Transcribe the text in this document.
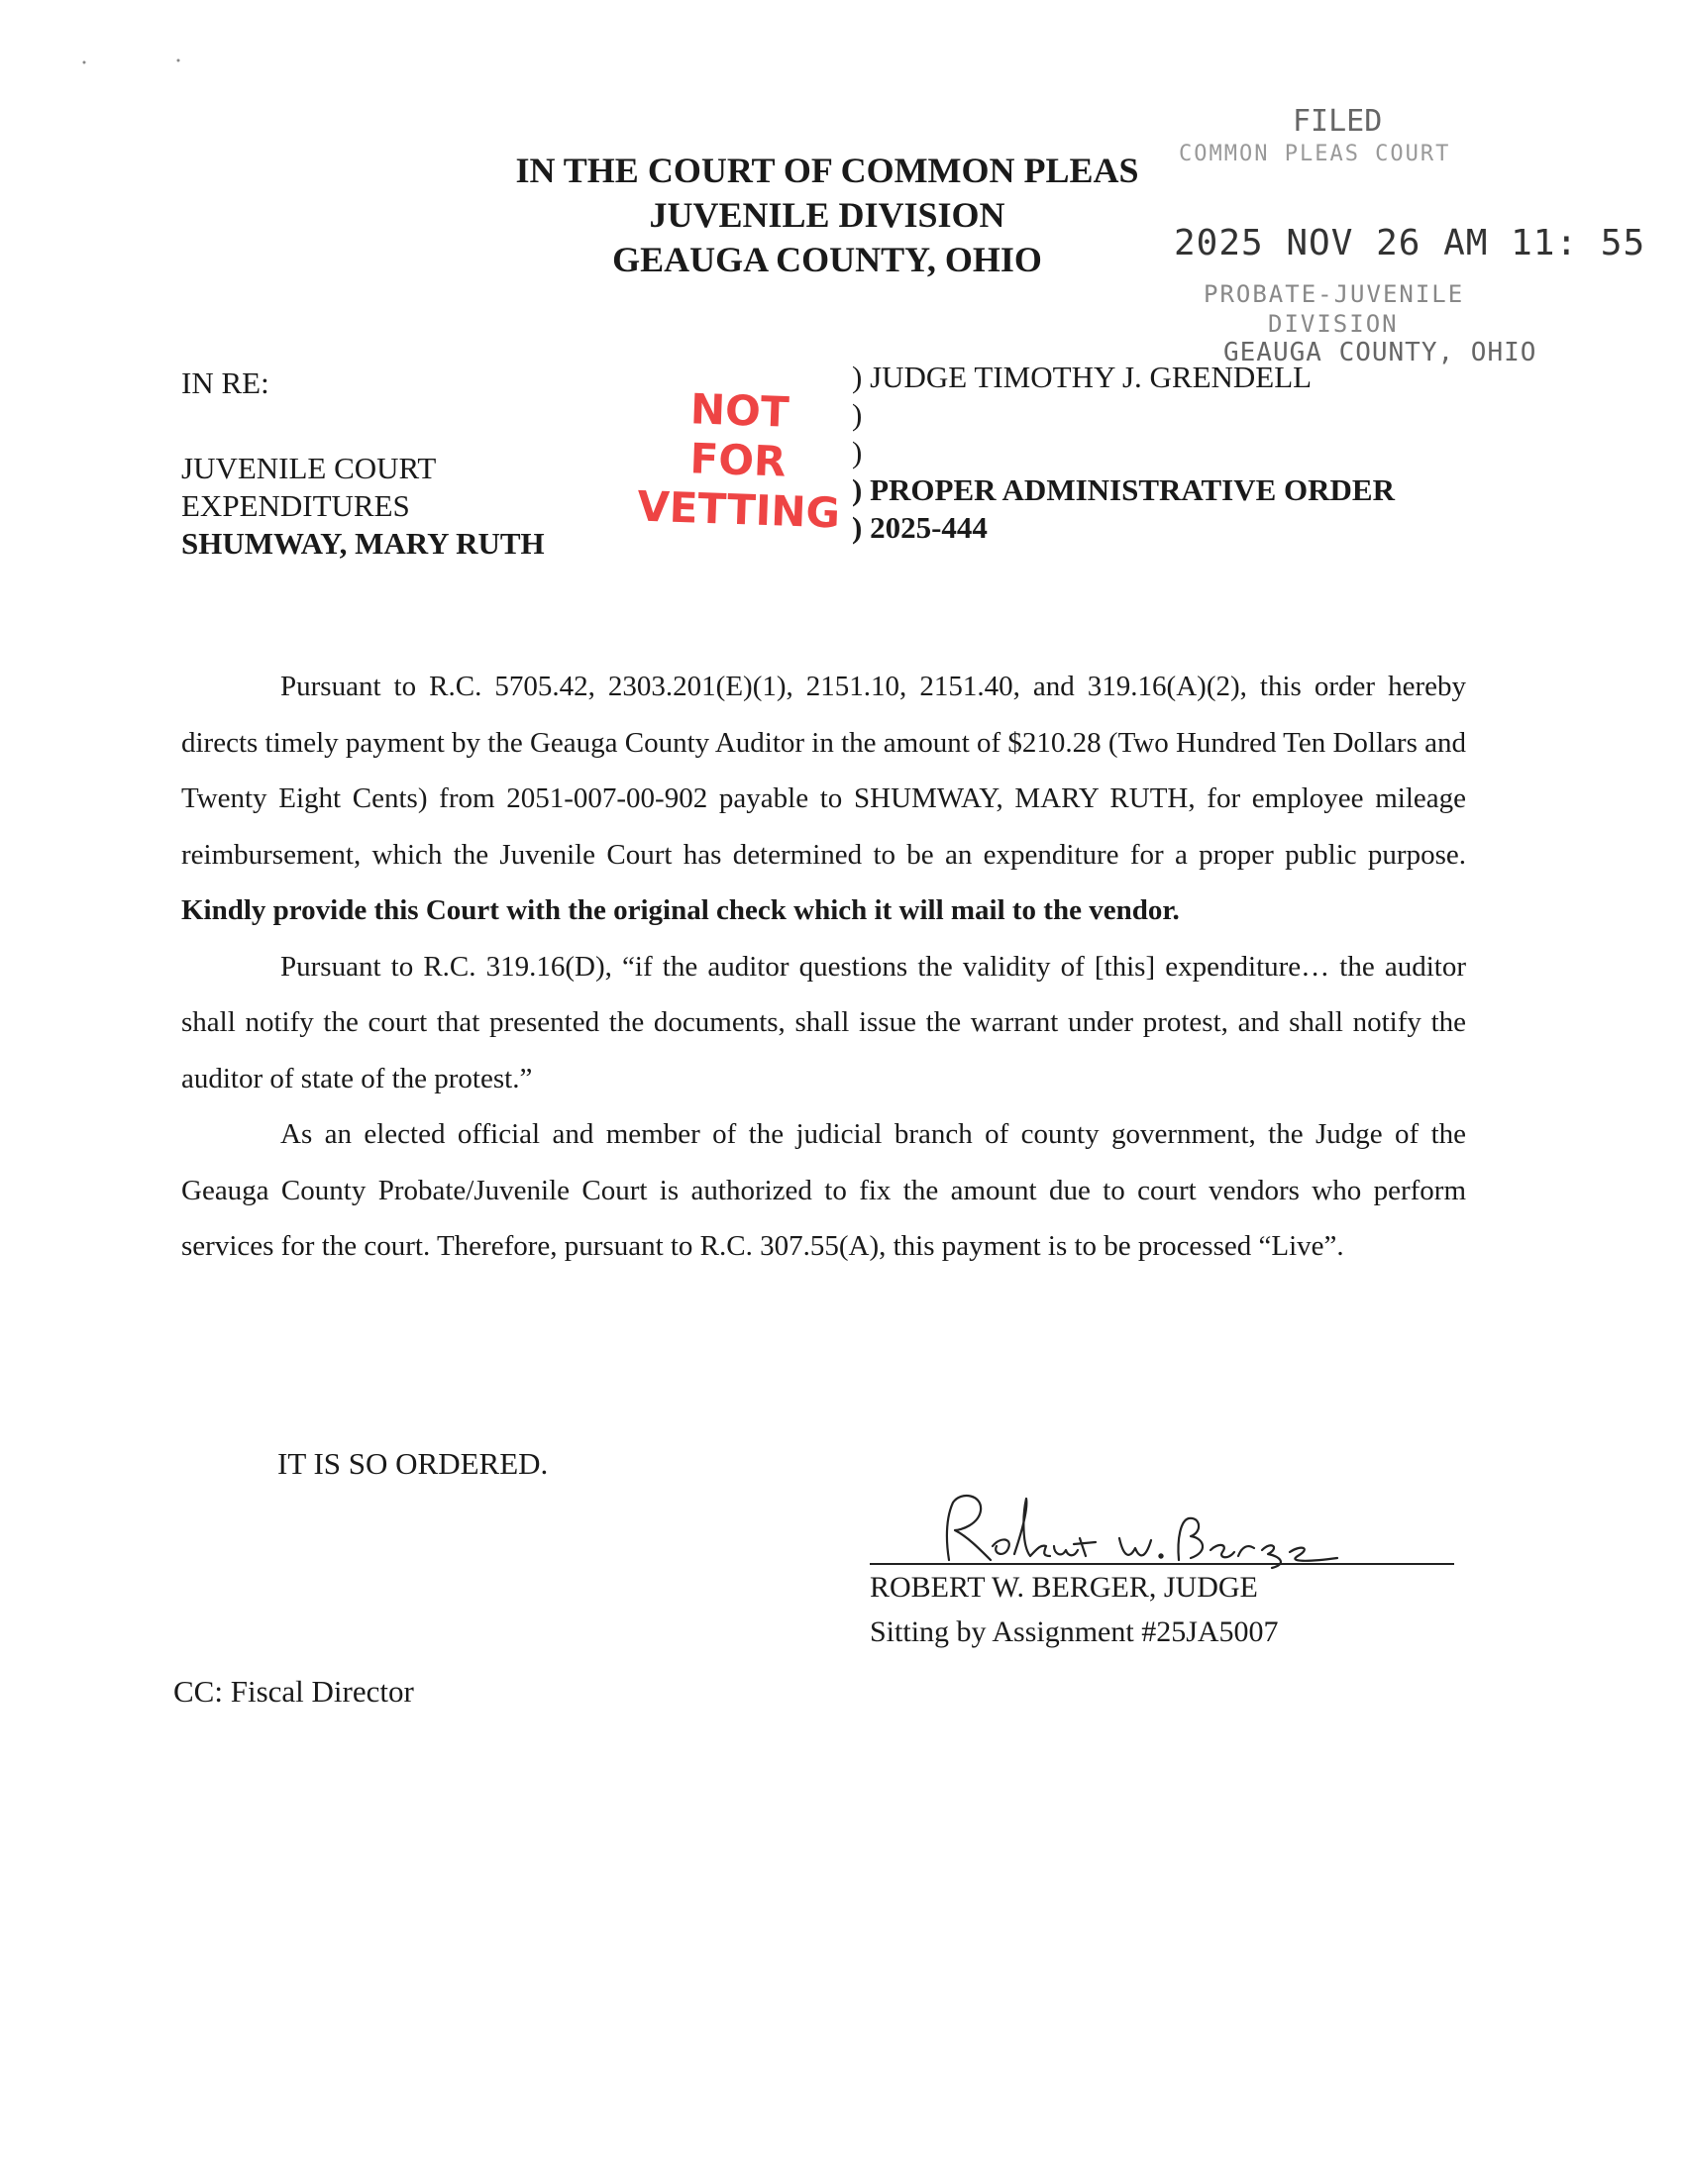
IN THE COURT OF COMMON PLEAS
JUVENILE DIVISION
GEAUGA COUNTY, OHIO
FILED
COMMON PLEAS COURT
2025 NOV 26 AM 11: 55
PROBATE-JUVENILE
DIVISION
GEAUGA COUNTY, OHIO
IN RE:
JUVENILE COURT
EXPENDITURES
SHUMWAY, MARY RUTH
NOT
FOR
VETTING
) JUDGE TIMOTHY J. GRENDELL
)
)
) PROPER ADMINISTRATIVE ORDER
) 2025-444

Pursuant to R.C. 5705.42, 2303.201(E)(1), 2151.10, 2151.40, and 319.16(A)(2), this order hereby directs timely payment by the Geauga County Auditor in the amount of $210.28 (Two Hundred Ten Dollars and Twenty Eight Cents) from 2051-007-00-902 payable to SHUMWAY, MARY RUTH, for employee mileage reimbursement, which the Juvenile Court has determined to be an expenditure for a proper public purpose. Kindly provide this Court with the original check which it will mail to the vendor.

Pursuant to R.C. 319.16(D), “if the auditor questions the validity of [this] expenditure… the auditor shall notify the court that presented the documents, shall issue the warrant under protest, and shall notify the auditor of state of the protest.”

As an elected official and member of the judicial branch of county government, the Judge of the Geauga County Probate/Juvenile Court is authorized to fix the amount due to court vendors who perform services for the court. Therefore, pursuant to R.C. 307.55(A), this payment is to be processed “Live”.

IT IS SO ORDERED.
ROBERT W. BERGER, JUDGE
Sitting by Assignment #25JA5007
CC: Fiscal Director
